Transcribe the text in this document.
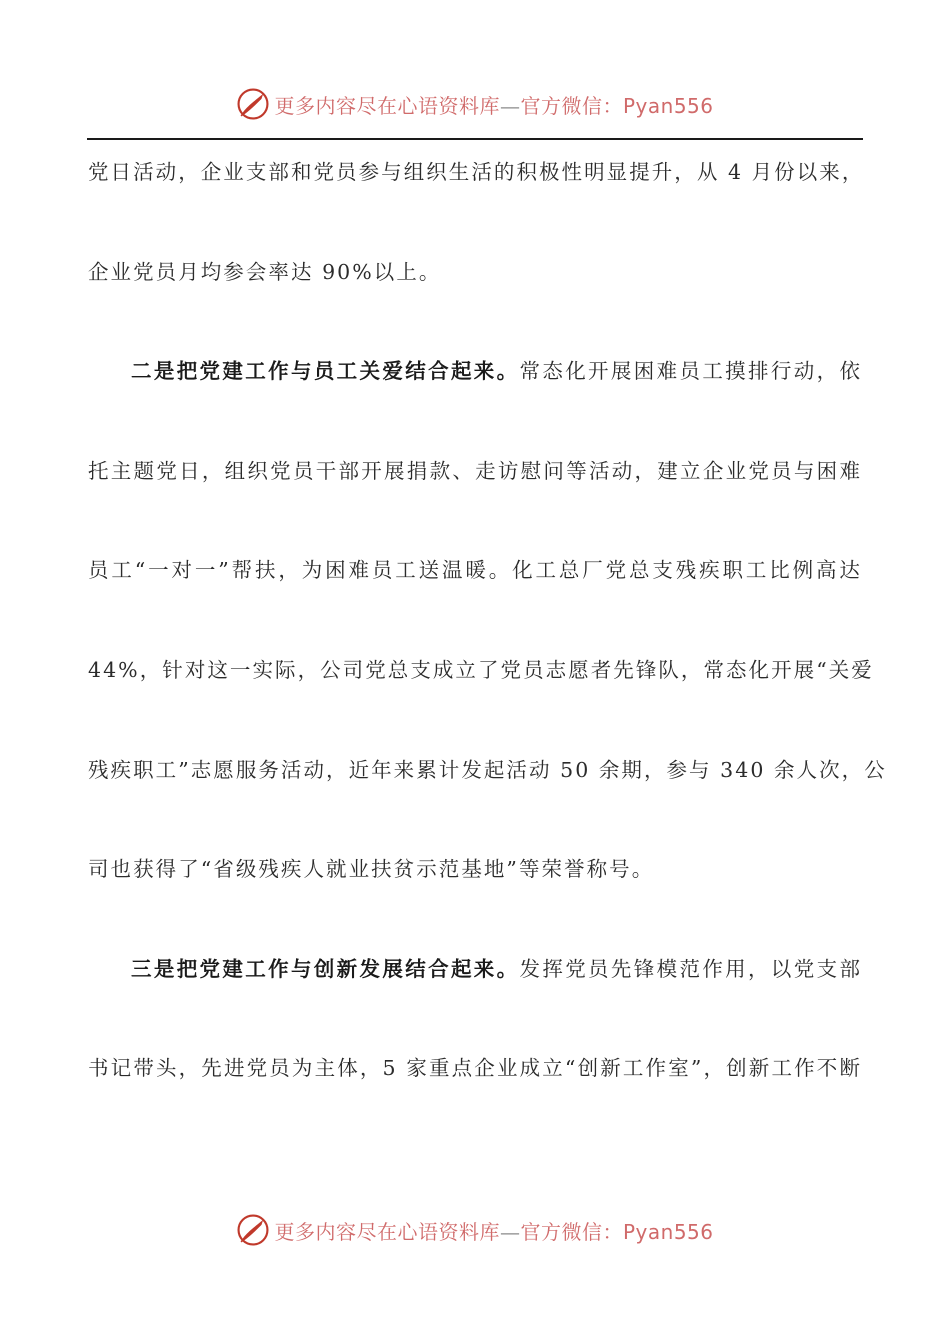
更多内容尽在心语资料库—官方微信：Pyan556
党日活动，企业支部和党员参与组织生活的积极性明显提升，从 4 月份以来，
企业党员月均参会率达 90%以上。
二是把党建工作与员工关爱结合起来。常态化开展困难员工摸排行动，依
托主题党日，组织党员干部开展捐款、走访慰问等活动，建立企业党员与困难
员工“一对一”帮扶，为困难员工送温暖。化工总厂党总支残疾职工比例高达
44%，针对这一实际，公司党总支成立了党员志愿者先锋队，常态化开展“关爱
残疾职工”志愿服务活动，近年来累计发起活动 50 余期，参与 340 余人次，公
司也获得了“省级残疾人就业扶贫示范基地”等荣誉称号。
三是把党建工作与创新发展结合起来。发挥党员先锋模范作用，以党支部
书记带头，先进党员为主体，5 家重点企业成立“创新工作室”，创新工作不断
更多内容尽在心语资料库—官方微信：Pyan556
